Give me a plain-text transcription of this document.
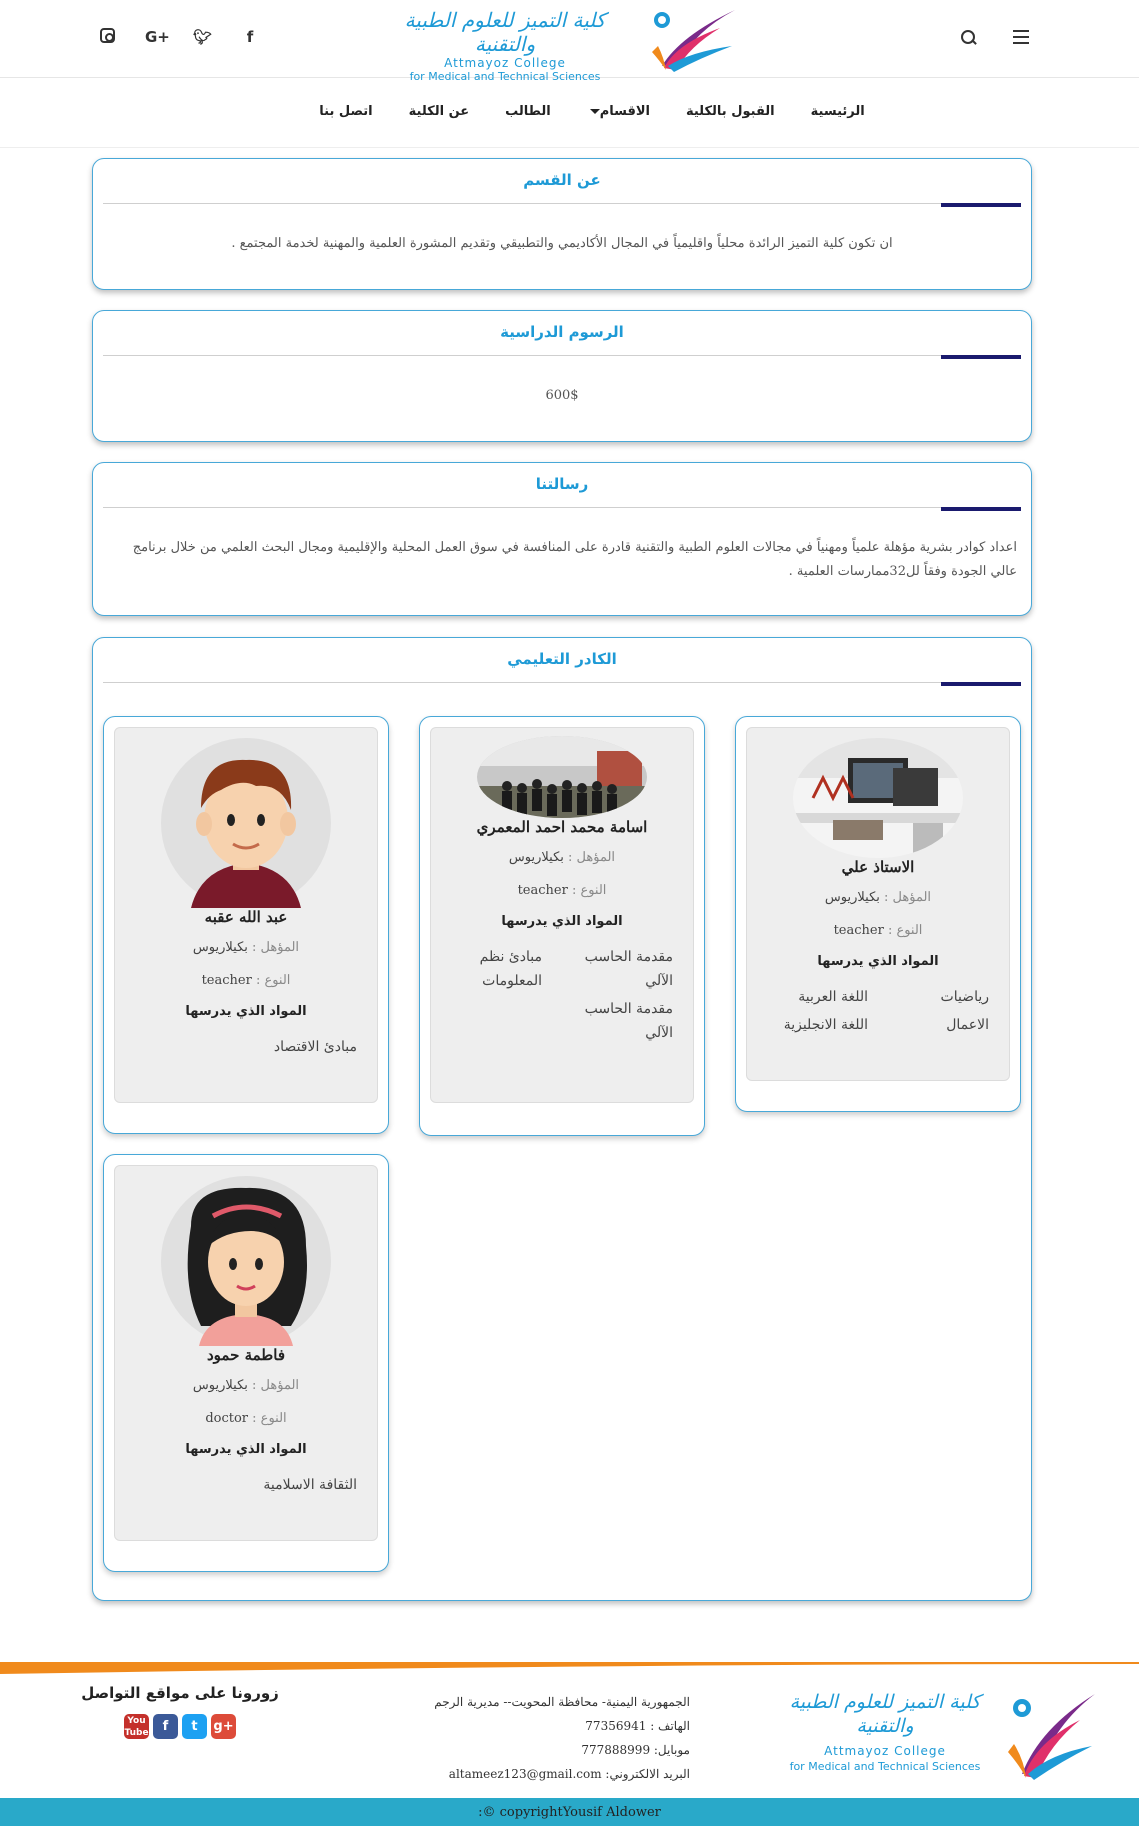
G+ 🐦︎	f
كلية التميز للعلوم الطبية والتقنية
Attmayoz College
for Medical and Technical Sciences
الرئيسية
القبول بالكلية
الاقسام
الطالب
عن الكلية
اتصل بنا
عن القسم
ان تكون كلية التميز الرائدة محلياً واقليمياً في المجال الأكاديمي والتطبيقي وتقديم المشورة العلمية والمهنية لخدمة المجتمع .
الرسوم الدراسية
600$
رسالتنا
اعداد كوادر بشرية مؤهلة علمياً ومهنياً في مجالات العلوم الطبية والتقنية قادرة على المنافسة في سوق العمل المحلية والإقليمية ومجال البحث العلمي من خلال برنامج عالي الجودة وفقاً لل32ممارسات العلمية .
الكادر التعليمي
الاستاذ علي
المؤهل : بكيلاريوس
النوع : teacher
المواد الذي يدرسها
رياضيات
اللغة العربية
الاعمال
اللغة الانجليزية
اسامة محمد احمد المعمري
المؤهل : بكيلاريوس
النوع : teacher
المواد الذي يدرسها
مقدمة الحاسب الآلي
مبادئ نظم المعلومات
مقدمة الحاسب الآلي
عبد الله عقبه
المؤهل : بكيلاريوس
النوع : teacher
المواد الذي يدرسها
مبادئ الاقتصاد
فاطمة حمود
المؤهل : بكيلاريوس
النوع : doctor
المواد الذي يدرسها
الثقافة الاسلامية
كلية التميز للعلوم الطبية والتقنية
Attmayoz College
for Medical and Technical Sciences
الجمهورية اليمنية- محافظة المحويت-- مديرية الرجم
الهاتف : 77356941
موبايل: 777888999
البريد الالكتروني: altameez123@gmail.com
زورونا على مواقع التواصل
You
Tube	f	t	g+
:© copyrightYousif Aldower
